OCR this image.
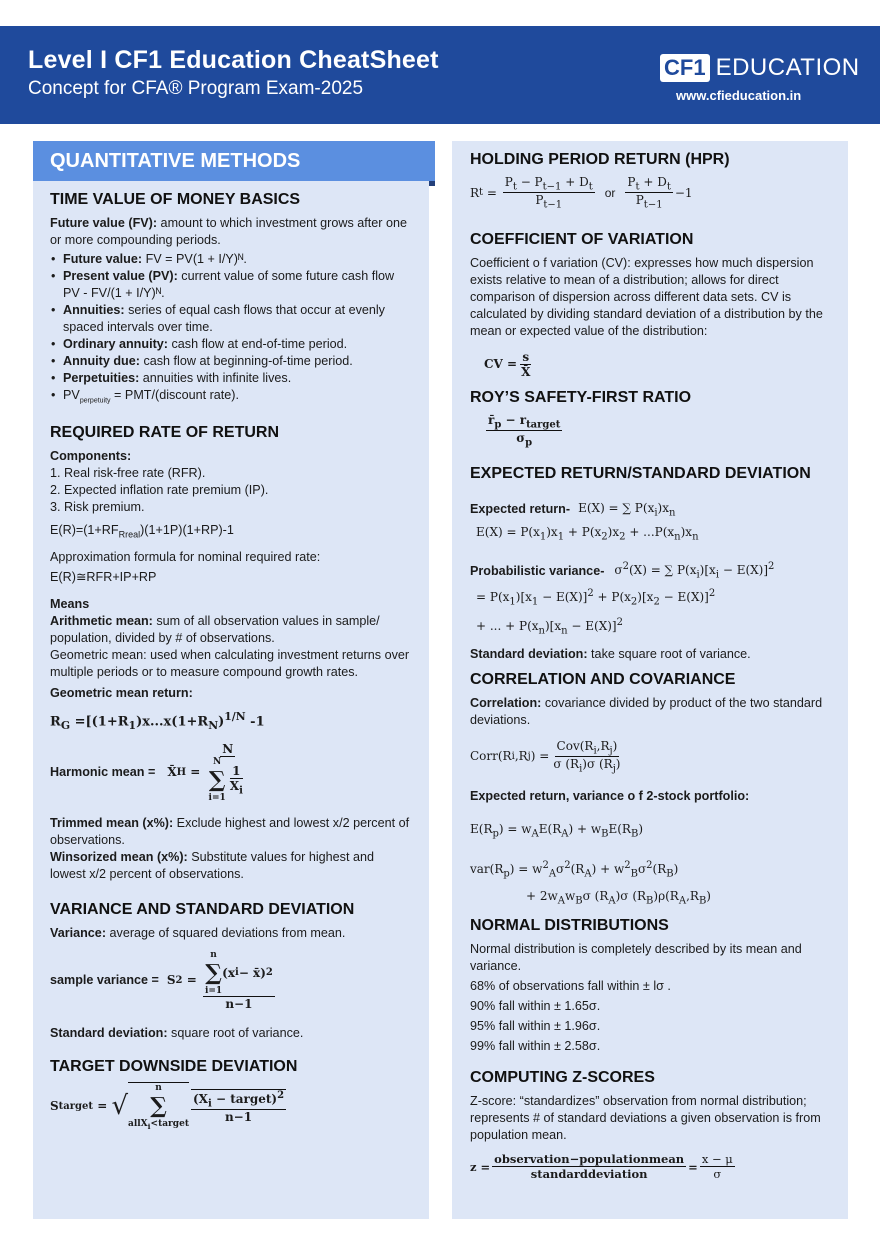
Level I CF1 Education CheatSheet
Concept for CFA® Program Exam-2025
CF1 EDUCATION
www.cfieducation.in
TIME VALUE OF MONEY BASICS

Future value (FV): amount to which investment grows after one or more compounding periods.

• Future value: FV = PV(1 + I/Y)ᴺ.
• Present value (PV): current value of some future cash flow PV - FV/(1 + I/Y)ᴺ.
• Annuities: series of equal cash flows that occur at evenly spaced intervals over time.
• Ordinary annuity: cash flow at end-of-time period.
• Annuity due: cash flow at beginning-of-time period.
• Perpetuities: annuities with infinite lives.
• $PV_{perpetuity}$ = PMT/(discount rate).
REQUIRED RATE OF RETURN

Components:

1. Real risk-free rate (RFR).

2. Expected inflation rate premium (IP).

3. Risk premium.

$E(R)=(1+RF_{Rreal})(1+1P)(1+RP)-1$

Approximation formula for nominal required rate:

E(R)≅RFR+IP+RP

Means

Arithmetic mean: sum of all observation values in sample/ population, divided by # of observations.

Geometric mean: used when calculating investment returns over multiple periods or to measure compound growth rates.

Geometric mean return:

$R_G =[(1+R_1)x...x(1+R_N)^{1/N}$ -1

Harmonic mean = X̄ H = N
N
∑
i=1
$\frac{1}{X_i}$

Trimmed mean (x%): Exclude highest and lowest x/2 percent of observations.

Winsorized mean (x%): Substitute values for highest and lowest x/2 percent of observations.

VARIANCE AND STANDARD DEVIATION

Variance: average of squared deviations from mean.

sample variance = S 2 = n
∑
i=1
(x i − x̄) 2
n−1

Standard deviation: square root of variance.

TARGET DOWNSIDE DEVIATION
S target = √
n
∑
allX$_i$<target $\frac{(X_i - target)^2}{n-1}$
QUANTITATIVE METHODS	HOLDING PERIOD RETURN (HPR)
R $t = \frac{P_t - P_{t-1} + D_t}{P_{t-1}}$ or $\frac{P_t + D_t}{P_{t-1}} -1$
COEFFICIENT OF VARIATION

Coefficient o f variation (CV): expresses how much dispersion exists relative to mean of a distribution; allows for direct comparison of dispersion across different data sets. CV is calculated by dividing standard deviation of a distribution by the mean or expected value of the distribution:

CV = $\frac{s}{X̄}$
ROY’S SAFETY-FIRST RATIO
$\frac{r̄_p - r_{target}}{\sigma_p}$
EXPECTED RETURN/STANDARD DEVIATION
Expected return- E(X) = ∑ $P(x_i)x_n$

$E(X) = P(x_1)x_1 + P(x_2)x_2 + ...P(x_n)x_n$

Probabilistic variance- $\sigma^2(X)$ = ∑ $P(x_i)[x_i - E(X)]^2$

= $P(x_1)[x_1 - E(X)]^2 + P(x_2)[x_2 - E(X)]^2$

+ ... + $P(x_n)[x_n - E(X)]^2$

Standard deviation: take square root of variance.

CORRELATION AND COVARIANCE

Correlation: covariance divided by product of the two standard deviations.

Corr(R i ,R j ) = $\frac{Cov(R_i,R_j)}{\sigma (R_i)\sigma (R_j)}$

Expected return, variance o f 2-stock portfolio:

$E(R_p) = w_AE(R_A) + w_BE(R_B)$

$var(R_p) = w^2_A\sigma^2(R_A) + w^2_B\sigma^2(R_B)$

+ $2w_Aw_B\sigma$ $(R_A)\sigma$ $(R_B)\rho(R_A,R_B)$

NORMAL DISTRIBUTIONS

Normal distribution is completely described by its mean and variance.

68% of observations fall within ± lσ .

90% fall within ± 1.65σ.

95% fall within ± 1.96σ.

99% fall within ± 2.58σ.

COMPUTING Z-SCORES

Z-score: “standardizes” observation from normal distribution; represents # of standard deviations a given observation is from population mean.

$z = \frac{\text{observation−populationmean}}{\text{standarddeviation}} = \frac{x - \mu}{\sigma}$
